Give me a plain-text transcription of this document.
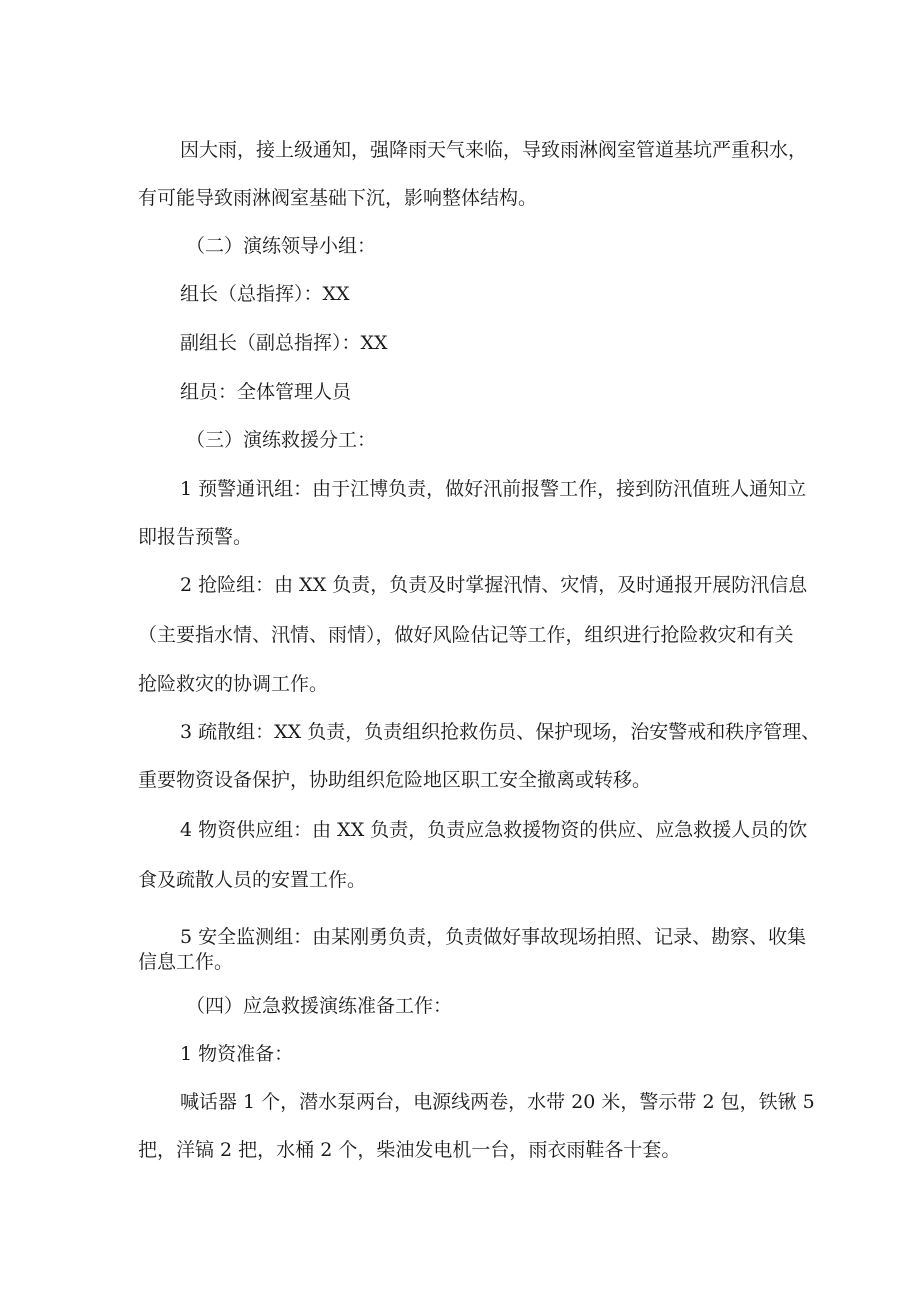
因大雨，接上级通知，强降雨天气来临，导致雨淋阀室管道基坑严重积水，

有可能导致雨淋阀室基础下沉，影响整体结构。

（二）演练领导小组：

组长（总指挥）：XX

副组长（副总指挥）：XX

组员：全体管理人员

（三）演练救援分工：

1 预警通讯组：由于江博负责，做好汛前报警工作，接到防汛值班人通知立

即报告预警。

2 抢险组：由 XX 负责，负责及时掌握汛情、灾情，及时通报开展防汛信息

（主要指水情、汛情、雨情），做好风险估记等工作，组织进行抢险救灾和有关

抢险救灾的协调工作。

3 疏散组：XX 负责，负责组织抢救伤员、保护现场，治安警戒和秩序管理、

重要物资设备保护，协助组织危险地区职工安全撤离或转移。

4 物资供应组：由 XX 负责，负责应急救援物资的供应、应急救援人员的饮

食及疏散人员的安置工作。

5 安全监测组：由某刚勇负责，负责做好事故现场拍照、记录、勘察、收集

信息工作。

（四）应急救援演练准备工作：

1 物资准备：

喊话器 1 个，潜水泵两台，电源线两卷，水带 20 米，警示带 2 包，铁锹 5

把，洋镐 2 把，水桶 2 个，柴油发电机一台，雨衣雨鞋各十套。
